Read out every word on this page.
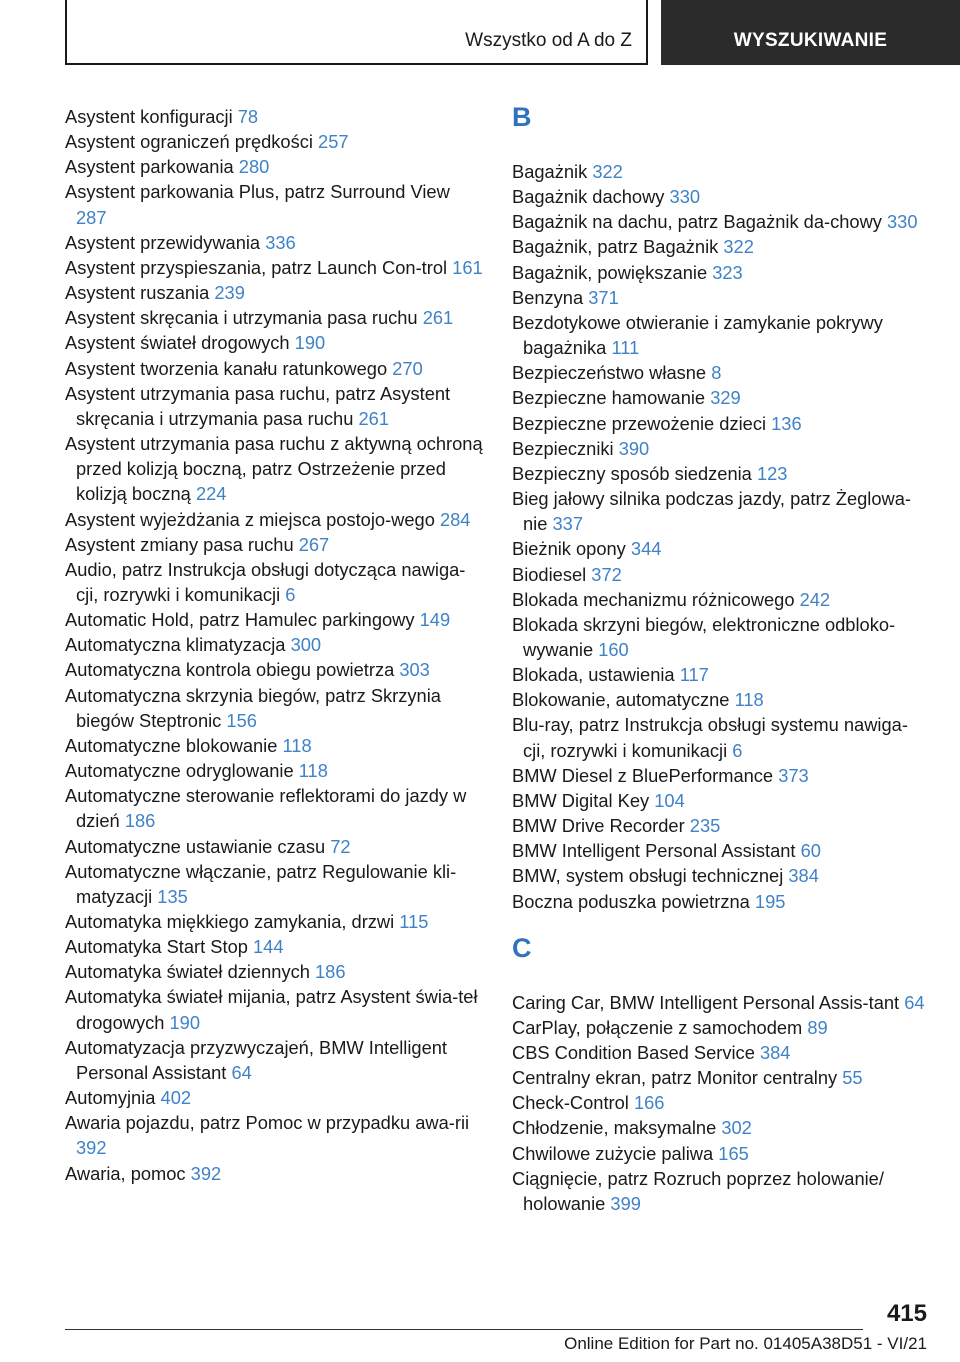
Wszystko od A do Z	WYSZUKIWANIE
Asystent konfiguracji 78
Asystent ograniczeń prędkości 257
Asystent parkowania 280
Asystent parkowania Plus, patrz Surround View 287
Asystent przewidywania 336
Asystent przyspieszania, patrz Launch Con-trol 161
Asystent ruszania 239
Asystent skręcania i utrzymania pasa ruchu 261
Asystent świateł drogowych 190
Asystent tworzenia kanału ratunkowego 270
Asystent utrzymania pasa ruchu, patrz Asystent skręcania i utrzymania pasa ruchu 261
Asystent utrzymania pasa ruchu z aktywną ochroną przed kolizją boczną, patrz Ostrzeżenie przed kolizją boczną 224
Asystent wyjeżdżania z miejsca postojo-wego 284
Asystent zmiany pasa ruchu 267
Audio, patrz Instrukcja obsługi dotycząca nawiga-cji, rozrywki i komunikacji 6
Automatic Hold, patrz Hamulec parkingowy 149
Automatyczna klimatyzacja 300
Automatyczna kontrola obiegu powietrza 303
Automatyczna skrzynia biegów, patrz Skrzynia biegów Steptronic 156
Automatyczne blokowanie 118
Automatyczne odryglowanie 118
Automatyczne sterowanie reflektorami do jazdy w dzień 186
Automatyczne ustawianie czasu 72
Automatyczne włączanie, patrz Regulowanie kli-matyzacji 135
Automatyka miękkiego zamykania, drzwi 115
Automatyka Start Stop 144
Automatyka świateł dziennych 186
Automatyka świateł mijania, patrz Asystent świa-teł drogowych 190
Automatyzacja przyzwyczajeń, BMW Intelligent Personal Assistant 64
Automyjnia 402
Awaria pojazdu, patrz Pomoc w przypadku awa-rii 392
Awaria, pomoc 392
B
Bagażnik 322
Bagażnik dachowy 330
Bagażnik na dachu, patrz Bagażnik da-chowy 330
Bagażnik, patrz Bagażnik 322
Bagażnik, powiększanie 323
Benzyna 371
Bezdotykowe otwieranie i zamykanie pokrywy bagażnika 111
Bezpieczeństwo własne 8
Bezpieczne hamowanie 329
Bezpieczne przewożenie dzieci 136
Bezpieczniki 390
Bezpieczny sposób siedzenia 123
Bieg jałowy silnika podczas jazdy, patrz Żeglowa-nie 337
Bieżnik opony 344
Biodiesel 372
Blokada mechanizmu różnicowego 242
Blokada skrzyni biegów, elektroniczne odbloko-wywanie 160
Blokada, ustawienia 117
Blokowanie, automatyczne 118
Blu-ray, patrz Instrukcja obsługi systemu nawiga-cji, rozrywki i komunikacji 6
BMW Diesel z BluePerformance 373
BMW Digital Key 104
BMW Drive Recorder 235
BMW Intelligent Personal Assistant 60
BMW, system obsługi technicznej 384
Boczna poduszka powietrzna 195
C
Caring Car, BMW Intelligent Personal Assis-tant 64
CarPlay, połączenie z samochodem 89
CBS Condition Based Service 384
Centralny ekran, patrz Monitor centralny 55
Check-Control 166
Chłodzenie, maksymalne 302
Chwilowe zużycie paliwa 165
Ciągnięcie, patrz Rozruch poprzez holowanie/ holowanie 399
415
Online Edition for Part no. 01405A38D51 - VI/21
